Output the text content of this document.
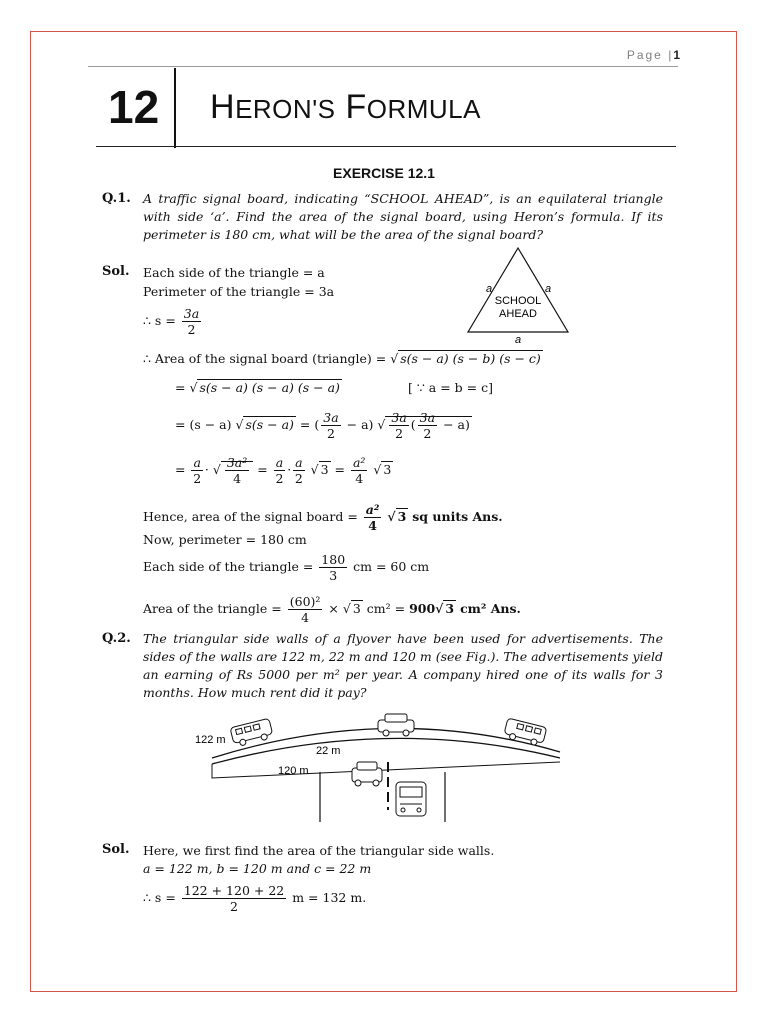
Page |1
12 HERON'S FORMULA
EXERCISE 12.1
Q.1. A traffic signal board, indicating “SCHOOL AHEAD”, is an equilateral triangle with side ‘a’. Find the area of the signal board, using Heron’s formula. If its perimeter is 180 cm, what will be the area of the signal board?
Sol. Each side of the triangle = a
Perimeter of the triangle = 3a
∴ $s = \frac{3a}{2}$
∴ Area of the signal board (triangle) = √ s(s − a) (s − b) (s − c)
= √ s(s − a) (s − a) (s − a)	[ ∵ a = b = c]
= (s − a) √ s(s − a) = ( $\frac{3a}{2} - a$) √ $\frac{3a}{2}$ ( $\frac{3a}{2} - a$)
= $\frac{a}{2}$ · √ $\frac{\text{3a²}}{4} = \frac{a}{2} \cdot \frac{a}{2}$ √ $3 = \frac{\text{a²}}{4}$ √ 3
Hence, area of the signal board = $\frac{\text{a²}}{4}$ √ 3 sq units Ans.
Now, perimeter = 180 cm
Each side of the triangle = $\frac{180}{3}$ cm = 60 cm
Area of the triangle = $\frac{\text{(60)²}}{4}$ × √ 3 cm² = 900√ 3 cm² Ans.
a	a
a
SCHOOL
AHEAD
Q.2. The triangular side walls of a flyover have been used for advertisements. The sides of the walls are 122 m, 22 m and 120 m (see Fig.). The advertisements yield an earning of Rs 5000 per m² per year. A company hired one of its walls for 3 months. How much rent did it pay?
122 m
22 m
120 m
Sol. Here, we first find the area of the triangular side walls.
a = 122 m, b = 120 m and c = 22 m
∴ $s = \frac{122 + 120 + 22}{2}$ m = 132 m.
